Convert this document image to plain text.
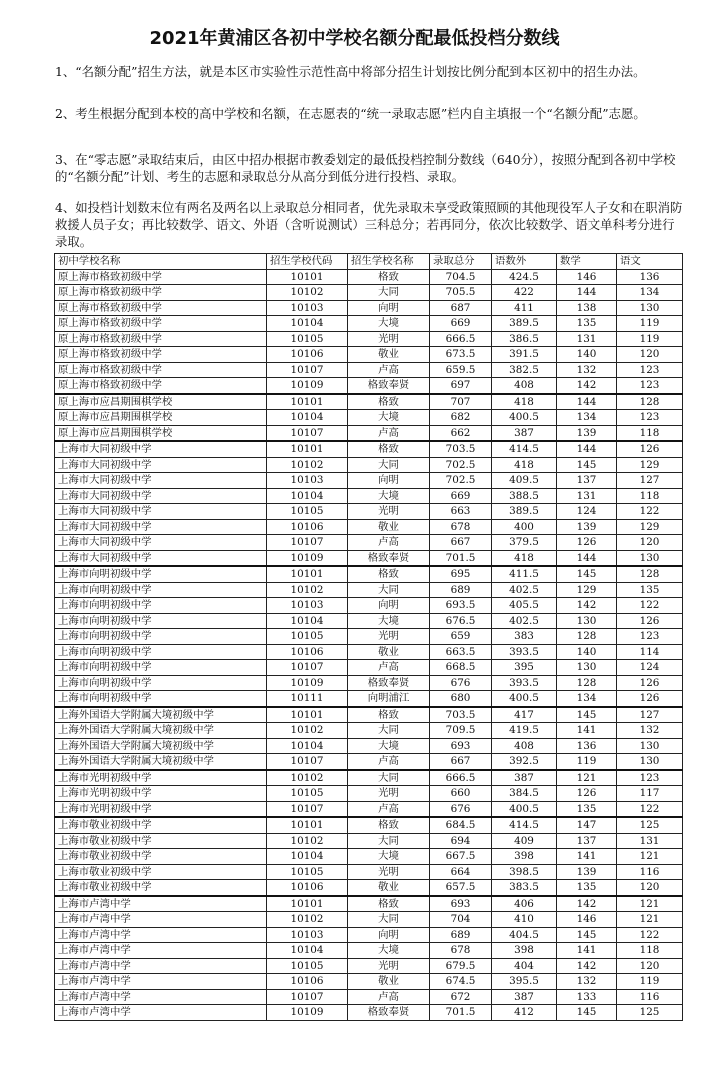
2021年黄浦区各初中学校名额分配最低投档分数线
1、“名额分配”招生方法，就是本区市实验性示范性高中将部分招生计划按比例分配到本区初中的招生办法。
2、考生根据分配到本校的高中学校和名额，在志愿表的“统一录取志愿”栏内自主填报一个“名额分配”志愿。
3、在“零志愿”录取结束后，由区中招办根据市教委划定的最低投档控制分数线（640分），按照分配到各初中学校的“名额分配”计划、考生的志愿和录取总分从高分到低分进行投档、录取。
4、如投档计划数末位有两名及两名以上录取总分相同者，优先录取未享受政策照顾的其他现役军人子女和在职消防救援人员子女；再比较数学、语文、外语（含听说测试）三科总分；若再同分，依次比较数学、语文单科考分进行录取。
初中学校名称	招生学校代码	招生学校名称	录取总分	语数外	数学	语文
原上海市格致初级中学	10101	格致	704.5	424.5	146	136
原上海市格致初级中学	10102	大同	705.5	422	144	134
原上海市格致初级中学	10103	向明	687	411	138	130
原上海市格致初级中学	10104	大境	669	389.5	135	119
原上海市格致初级中学	10105	光明	666.5	386.5	131	119
原上海市格致初级中学	10106	敬业	673.5	391.5	140	120
原上海市格致初级中学	10107	卢高	659.5	382.5	132	123
原上海市格致初级中学	10109	格致奉贤	697	408	142	123
原上海市应昌期围棋学校	10101	格致	707	418	144	128
原上海市应昌期围棋学校	10104	大境	682	400.5	134	123
原上海市应昌期围棋学校	10107	卢高	662	387	139	118
上海市大同初级中学	10101	格致	703.5	414.5	144	126
上海市大同初级中学	10102	大同	702.5	418	145	129
上海市大同初级中学	10103	向明	702.5	409.5	137	127
上海市大同初级中学	10104	大境	669	388.5	131	118
上海市大同初级中学	10105	光明	663	389.5	124	122
上海市大同初级中学	10106	敬业	678	400	139	129
上海市大同初级中学	10107	卢高	667	379.5	126	120
上海市大同初级中学	10109	格致奉贤	701.5	418	144	130
上海市向明初级中学	10101	格致	695	411.5	145	128
上海市向明初级中学	10102	大同	689	402.5	129	135
上海市向明初级中学	10103	向明	693.5	405.5	142	122
上海市向明初级中学	10104	大境	676.5	402.5	130	126
上海市向明初级中学	10105	光明	659	383	128	123
上海市向明初级中学	10106	敬业	663.5	393.5	140	114
上海市向明初级中学	10107	卢高	668.5	395	130	124
上海市向明初级中学	10109	格致奉贤	676	393.5	128	126
上海市向明初级中学	10111	向明浦江	680	400.5	134	126
上海外国语大学附属大境初级中学	10101	格致	703.5	417	145	127
上海外国语大学附属大境初级中学	10102	大同	709.5	419.5	141	132
上海外国语大学附属大境初级中学	10104	大境	693	408	136	130
上海外国语大学附属大境初级中学	10107	卢高	667	392.5	119	130
上海市光明初级中学	10102	大同	666.5	387	121	123
上海市光明初级中学	10105	光明	660	384.5	126	117
上海市光明初级中学	10107	卢高	676	400.5	135	122
上海市敬业初级中学	10101	格致	684.5	414.5	147	125
上海市敬业初级中学	10102	大同	694	409	137	131
上海市敬业初级中学	10104	大境	667.5	398	141	121
上海市敬业初级中学	10105	光明	664	398.5	139	116
上海市敬业初级中学	10106	敬业	657.5	383.5	135	120
上海市卢湾中学	10101	格致	693	406	142	121
上海市卢湾中学	10102	大同	704	410	146	121
上海市卢湾中学	10103	向明	689	404.5	145	122
上海市卢湾中学	10104	大境	678	398	141	118
上海市卢湾中学	10105	光明	679.5	404	142	120
上海市卢湾中学	10106	敬业	674.5	395.5	132	119
上海市卢湾中学	10107	卢高	672	387	133	116
上海市卢湾中学	10109	格致奉贤	701.5	412	145	125
